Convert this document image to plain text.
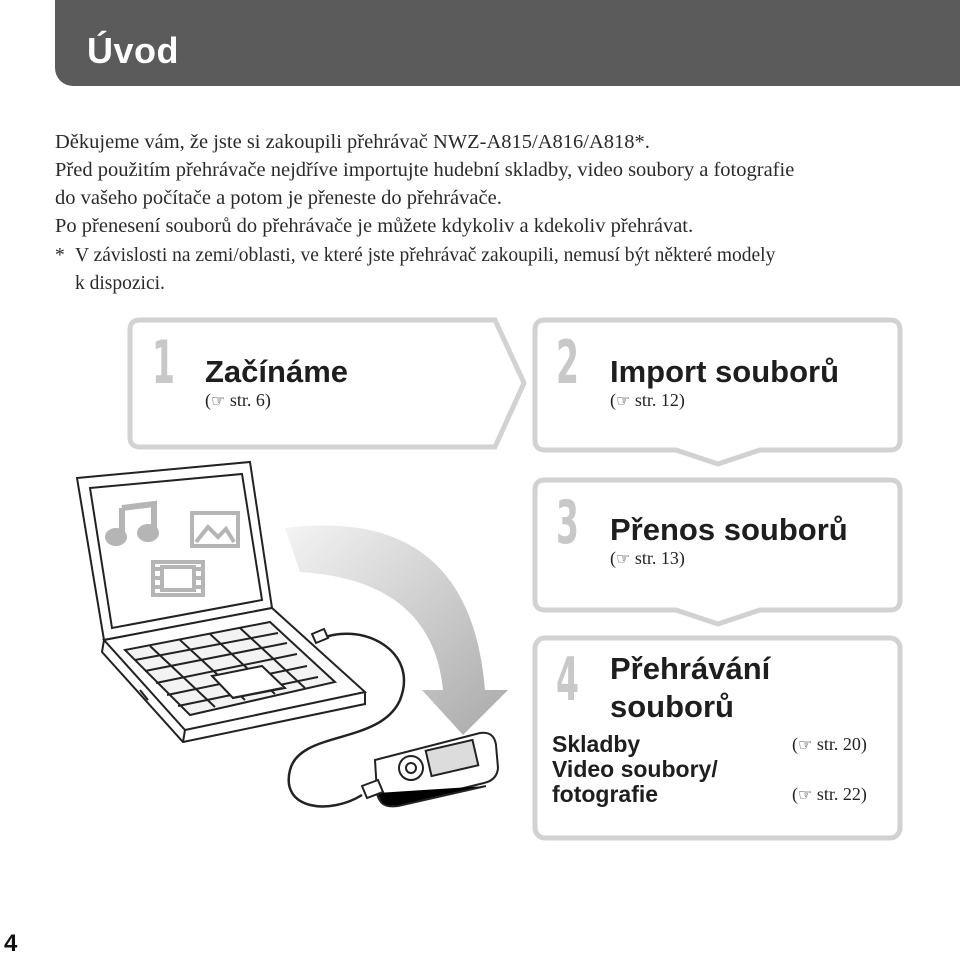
Úvod

Děkujeme vám, že jste si zakoupili přehrávač NWZ-A815/A816/A818*.

Před použitím přehrávače nejdříve importujte hudební skladby, video soubory a fotografie

do vašeho počítače a potom je přeneste do přehrávače.

Po přenesení souborů do přehrávače je můžete kdykoliv a kdekoliv přehrávat.

* V závislosti na zemi/oblasti, ve které jste přehrávač zakoupili, nemusí být některé modely
k dispozici.
1 Začínáme
(☞ str. 6)
2 Import souborů
(☞ str. 12)
3 Přenos souborů
(☞ str. 13)
4 Přehrávání
souborů
Skladby	(☞ str. 20)
Video soubory/
fotografie	(☞ str. 22)
4
